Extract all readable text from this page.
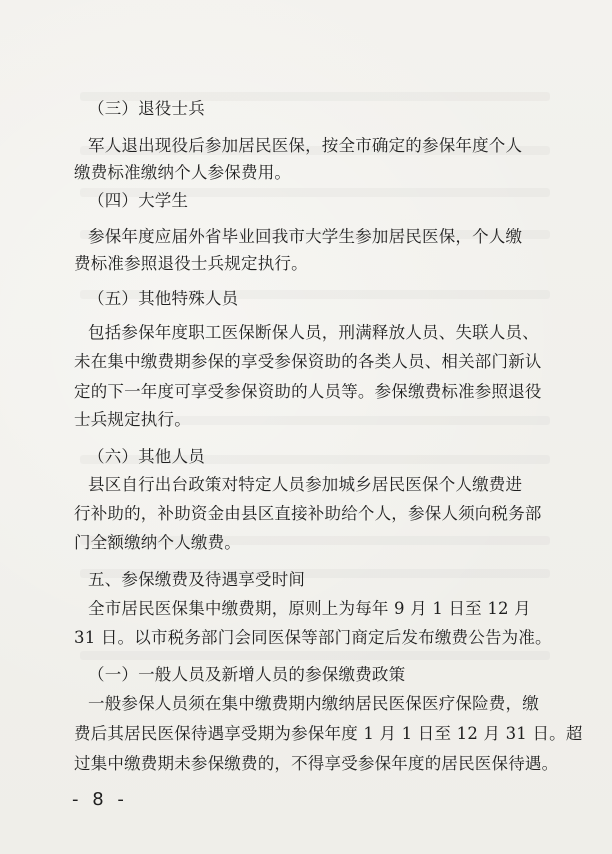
（三）退役士兵
军人退出现役后参加居民医保，按全市确定的参保年度个人
缴费标准缴纳个人参保费用。
（四）大学生
参保年度应届外省毕业回我市大学生参加居民医保，个人缴
费标准参照退役士兵规定执行。
（五）其他特殊人员
包括参保年度职工医保断保人员，刑满释放人员、失联人员、
未在集中缴费期参保的享受参保资助的各类人员、相关部门新认
定的下一年度可享受参保资助的人员等。参保缴费标准参照退役
士兵规定执行。
（六）其他人员
县区自行出台政策对特定人员参加城乡居民医保个人缴费进
行补助的，补助资金由县区直接补助给个人，参保人须向税务部
门全额缴纳个人缴费。
五、参保缴费及待遇享受时间
全市居民医保集中缴费期，原则上为每年 9 月 1 日至 12 月
31 日。以市税务部门会同医保等部门商定后发布缴费公告为准。
（一）一般人员及新增人员的参保缴费政策
一般参保人员须在集中缴费期内缴纳居民医保医疗保险费，缴
费后其居民医保待遇享受期为参保年度 1 月 1 日至 12 月 31 日。超
过集中缴费期未参保缴费的，不得享受参保年度的居民医保待遇。
- 8 -
